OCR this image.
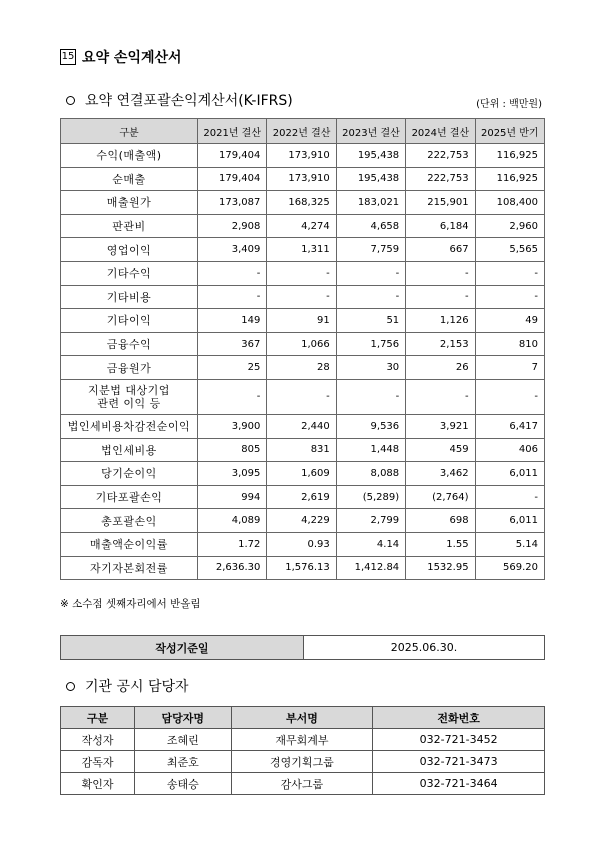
15 요약 손익계산서
요약 연결포괄손익계산서(K-IFRS)	(단위 : 백만원)
구분	2021년 결산	2022년 결산	2023년 결산	2024년 결산	2025년 반기
수익(매출액)	179,404	173,910	195,438	222,753	116,925
순매출	179,404	173,910	195,438	222,753	116,925
매출원가	173,087	168,325	183,021	215,901	108,400
판관비	2,908	4,274	4,658	6,184	2,960
영업이익	3,409	1,311	7,759	667	5,565
기타수익	-	-	-	-	-
기타비용	-	-	-	-	-
기타이익	149	91	51	1,126	49
금융수익	367	1,066	1,756	2,153	810
금융원가	25	28	30	26	7
지분법 대상기업
관련 이익 등	-	-	-	-	-
법인세비용차감전순이익	3,900	2,440	9,536	3,921	6,417
법인세비용	805	831	1,448	459	406
당기순이익	3,095	1,609	8,088	3,462	6,011
기타포괄손익	994	2,619	(5,289)	(2,764)	-
총포괄손익	4,089	4,229	2,799	698	6,011
매출액순이익률	1.72	0.93	4.14	1.55	5.14
자기자본회전률	2,636.30	1,576.13	1,412.84	1532.95	569.20
※ 소수점 셋째자리에서 반올림
작성기준일	2025.06.30.
기관 공시 담당자
구분	담당자명	부서명	전화번호
작성자	조혜린	재무회계부	032-721-3452
감독자	최준호	경영기획그룹	032-721-3473
확인자	송태승	감사그룹	032-721-3464
